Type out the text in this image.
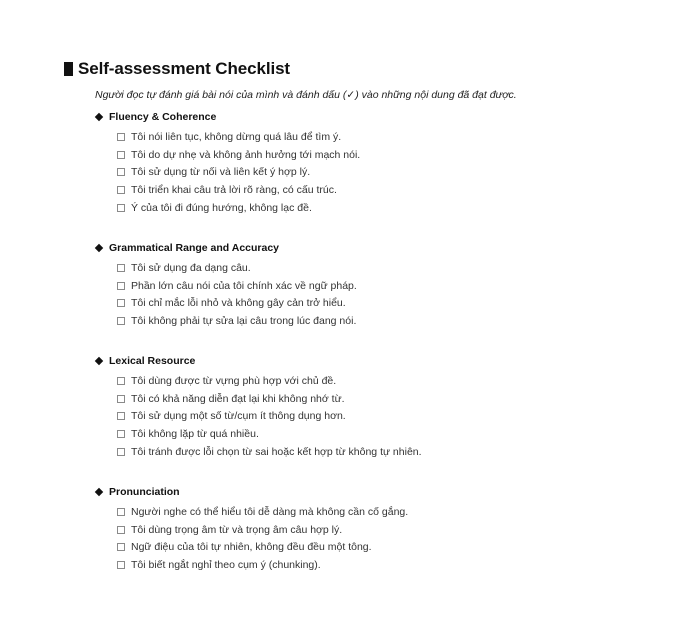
Self-assessment Checklist
Người đọc tự đánh giá bài nói của mình và đánh dấu (✓) vào những nội dung đã đạt được.
Fluency & Coherence
Tôi nói liên tục, không dừng quá lâu để tìm ý.
Tôi do dự nhẹ và không ảnh hưởng tới mạch nói.
Tôi sử dụng từ nối và liên kết ý hợp lý.
Tôi triển khai câu trả lời rõ ràng, có cấu trúc.
Ý của tôi đi đúng hướng, không lạc đề.
Grammatical Range and Accuracy
Tôi sử dụng đa dạng câu.
Phần lớn câu nói của tôi chính xác về ngữ pháp.
Tôi chỉ mắc lỗi nhỏ và không gây cản trở hiểu.
Tôi không phải tự sửa lại câu trong lúc đang nói.
Lexical Resource
Tôi dùng được từ vựng phù hợp với chủ đề.
Tôi có khả năng diễn đạt lại khi không nhớ từ.
Tôi sử dụng một số từ/cụm ít thông dụng hơn.
Tôi không lặp từ quá nhiều.
Tôi tránh được lỗi chọn từ sai hoặc kết hợp từ không tự nhiên.
Pronunciation
Người nghe có thể hiểu tôi dễ dàng mà không cần cố gắng.
Tôi dùng trọng âm từ và trọng âm câu hợp lý.
Ngữ điệu của tôi tự nhiên, không đều đều một tông.
Tôi biết ngắt nghỉ theo cụm ý (chunking).
